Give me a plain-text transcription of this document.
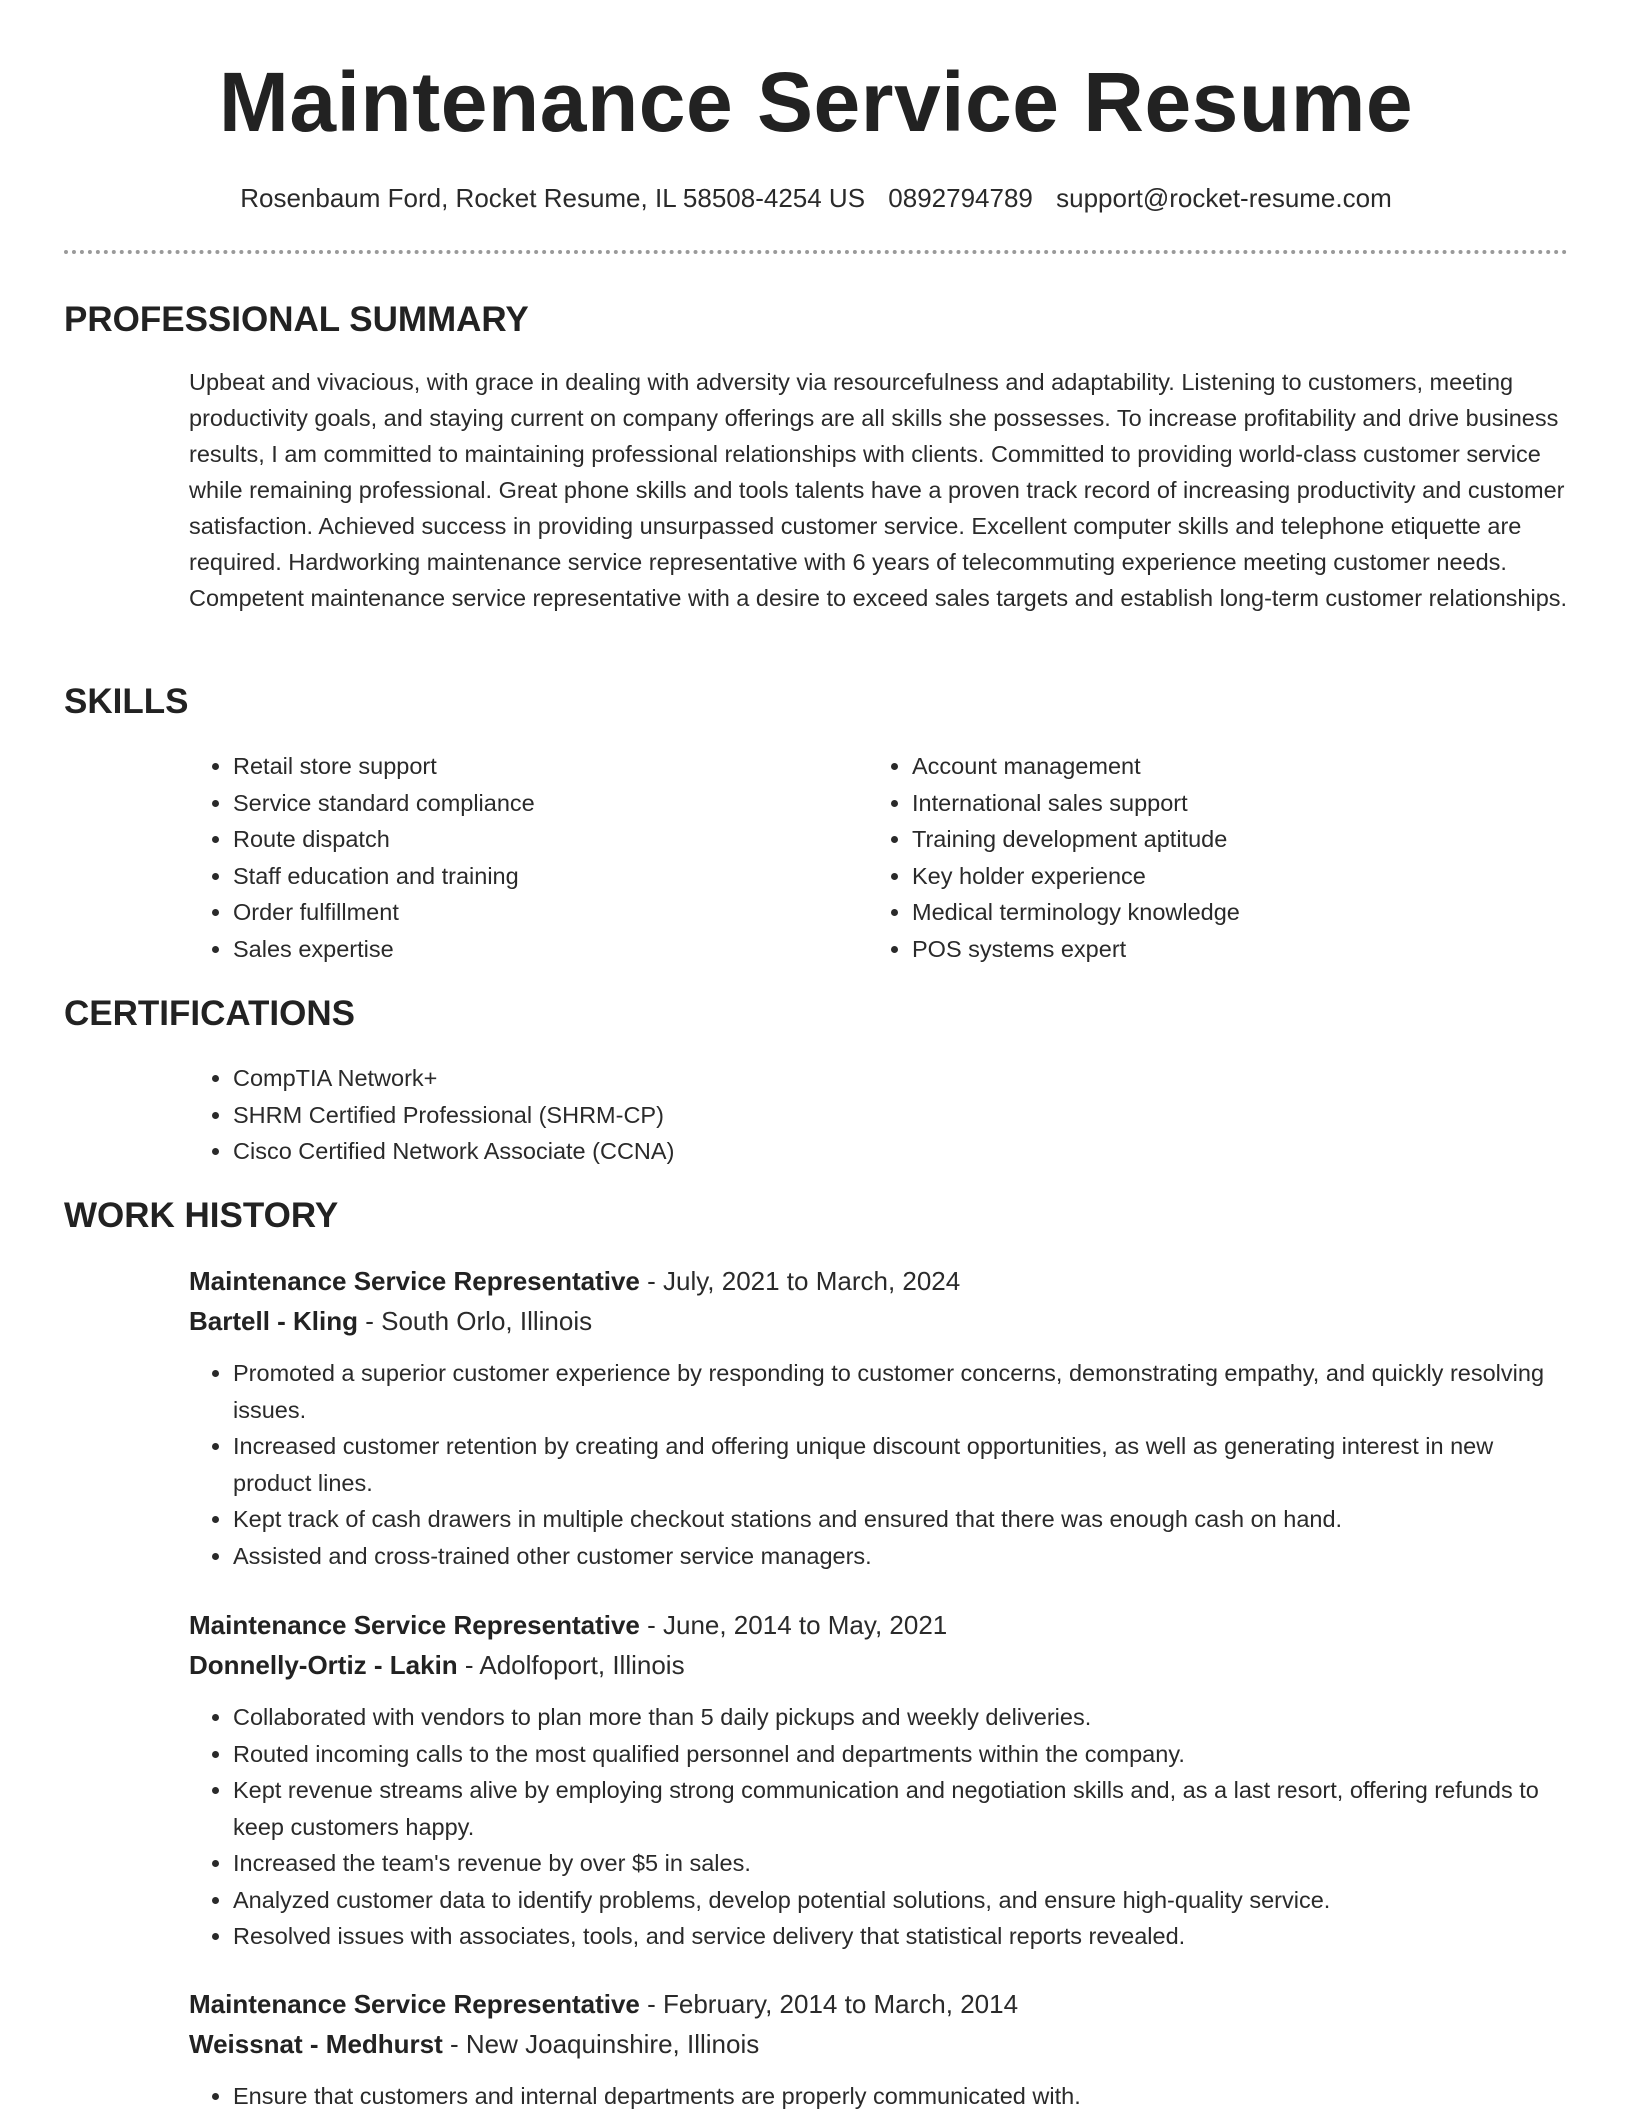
Maintenance Service Resume
Rosenbaum Ford, Rocket Resume, IL 58508-4254 US 0892794789 support@rocket-resume.com
PROFESSIONAL SUMMARY

Upbeat and vivacious, with grace in dealing with adversity via resourcefulness and adaptability. Listening to customers, meeting productivity goals, and staying current on company offerings are all skills she possesses. To increase profitability and drive business results, I am committed to maintaining professional relationships with clients. Committed to providing world-class customer service while remaining professional. Great phone skills and tools talents have a proven track record of increasing productivity and customer satisfaction. Achieved success in providing unsurpassed customer service. Excellent computer skills and telephone etiquette are required. Hardworking maintenance service representative with 6 years of telecommuting experience meeting customer needs. Competent maintenance service representative with a desire to exceed sales targets and establish long-term customer relationships.

SKILLS
• Retail store support
• Service standard compliance
• Route dispatch
• Staff education and training
• Order fulfillment
• Sales expertise
• Account management
• International sales support
• Training development aptitude
• Key holder experience
• Medical terminology knowledge
• POS systems expert
CERTIFICATIONS
• CompTIA Network+
• SHRM Certified Professional (SHRM-CP)
• Cisco Certified Network Associate (CCNA)
WORK HISTORY
Maintenance Service Representative - July, 2021 to March, 2024
Bartell - Kling - South Orlo, Illinois
• Promoted a superior customer experience by responding to customer concerns, demonstrating empathy, and quickly resolving issues.
• Increased customer retention by creating and offering unique discount opportunities, as well as generating interest in new product lines.
• Kept track of cash drawers in multiple checkout stations and ensured that there was enough cash on hand.
• Assisted and cross-trained other customer service managers.
Maintenance Service Representative - June, 2014 to May, 2021
Donnelly-Ortiz - Lakin - Adolfoport, Illinois
• Collaborated with vendors to plan more than 5 daily pickups and weekly deliveries.
• Routed incoming calls to the most qualified personnel and departments within the company.
• Kept revenue streams alive by employing strong communication and negotiation skills and, as a last resort, offering refunds to keep customers happy.
• Increased the team's revenue by over $5 in sales.
• Analyzed customer data to identify problems, develop potential solutions, and ensure high-quality service.
• Resolved issues with associates, tools, and service delivery that statistical reports revealed.
Maintenance Service Representative - February, 2014 to March, 2014
Weissnat - Medhurst - New Joaquinshire, Illinois
• Ensure that customers and internal departments are properly communicated with.
